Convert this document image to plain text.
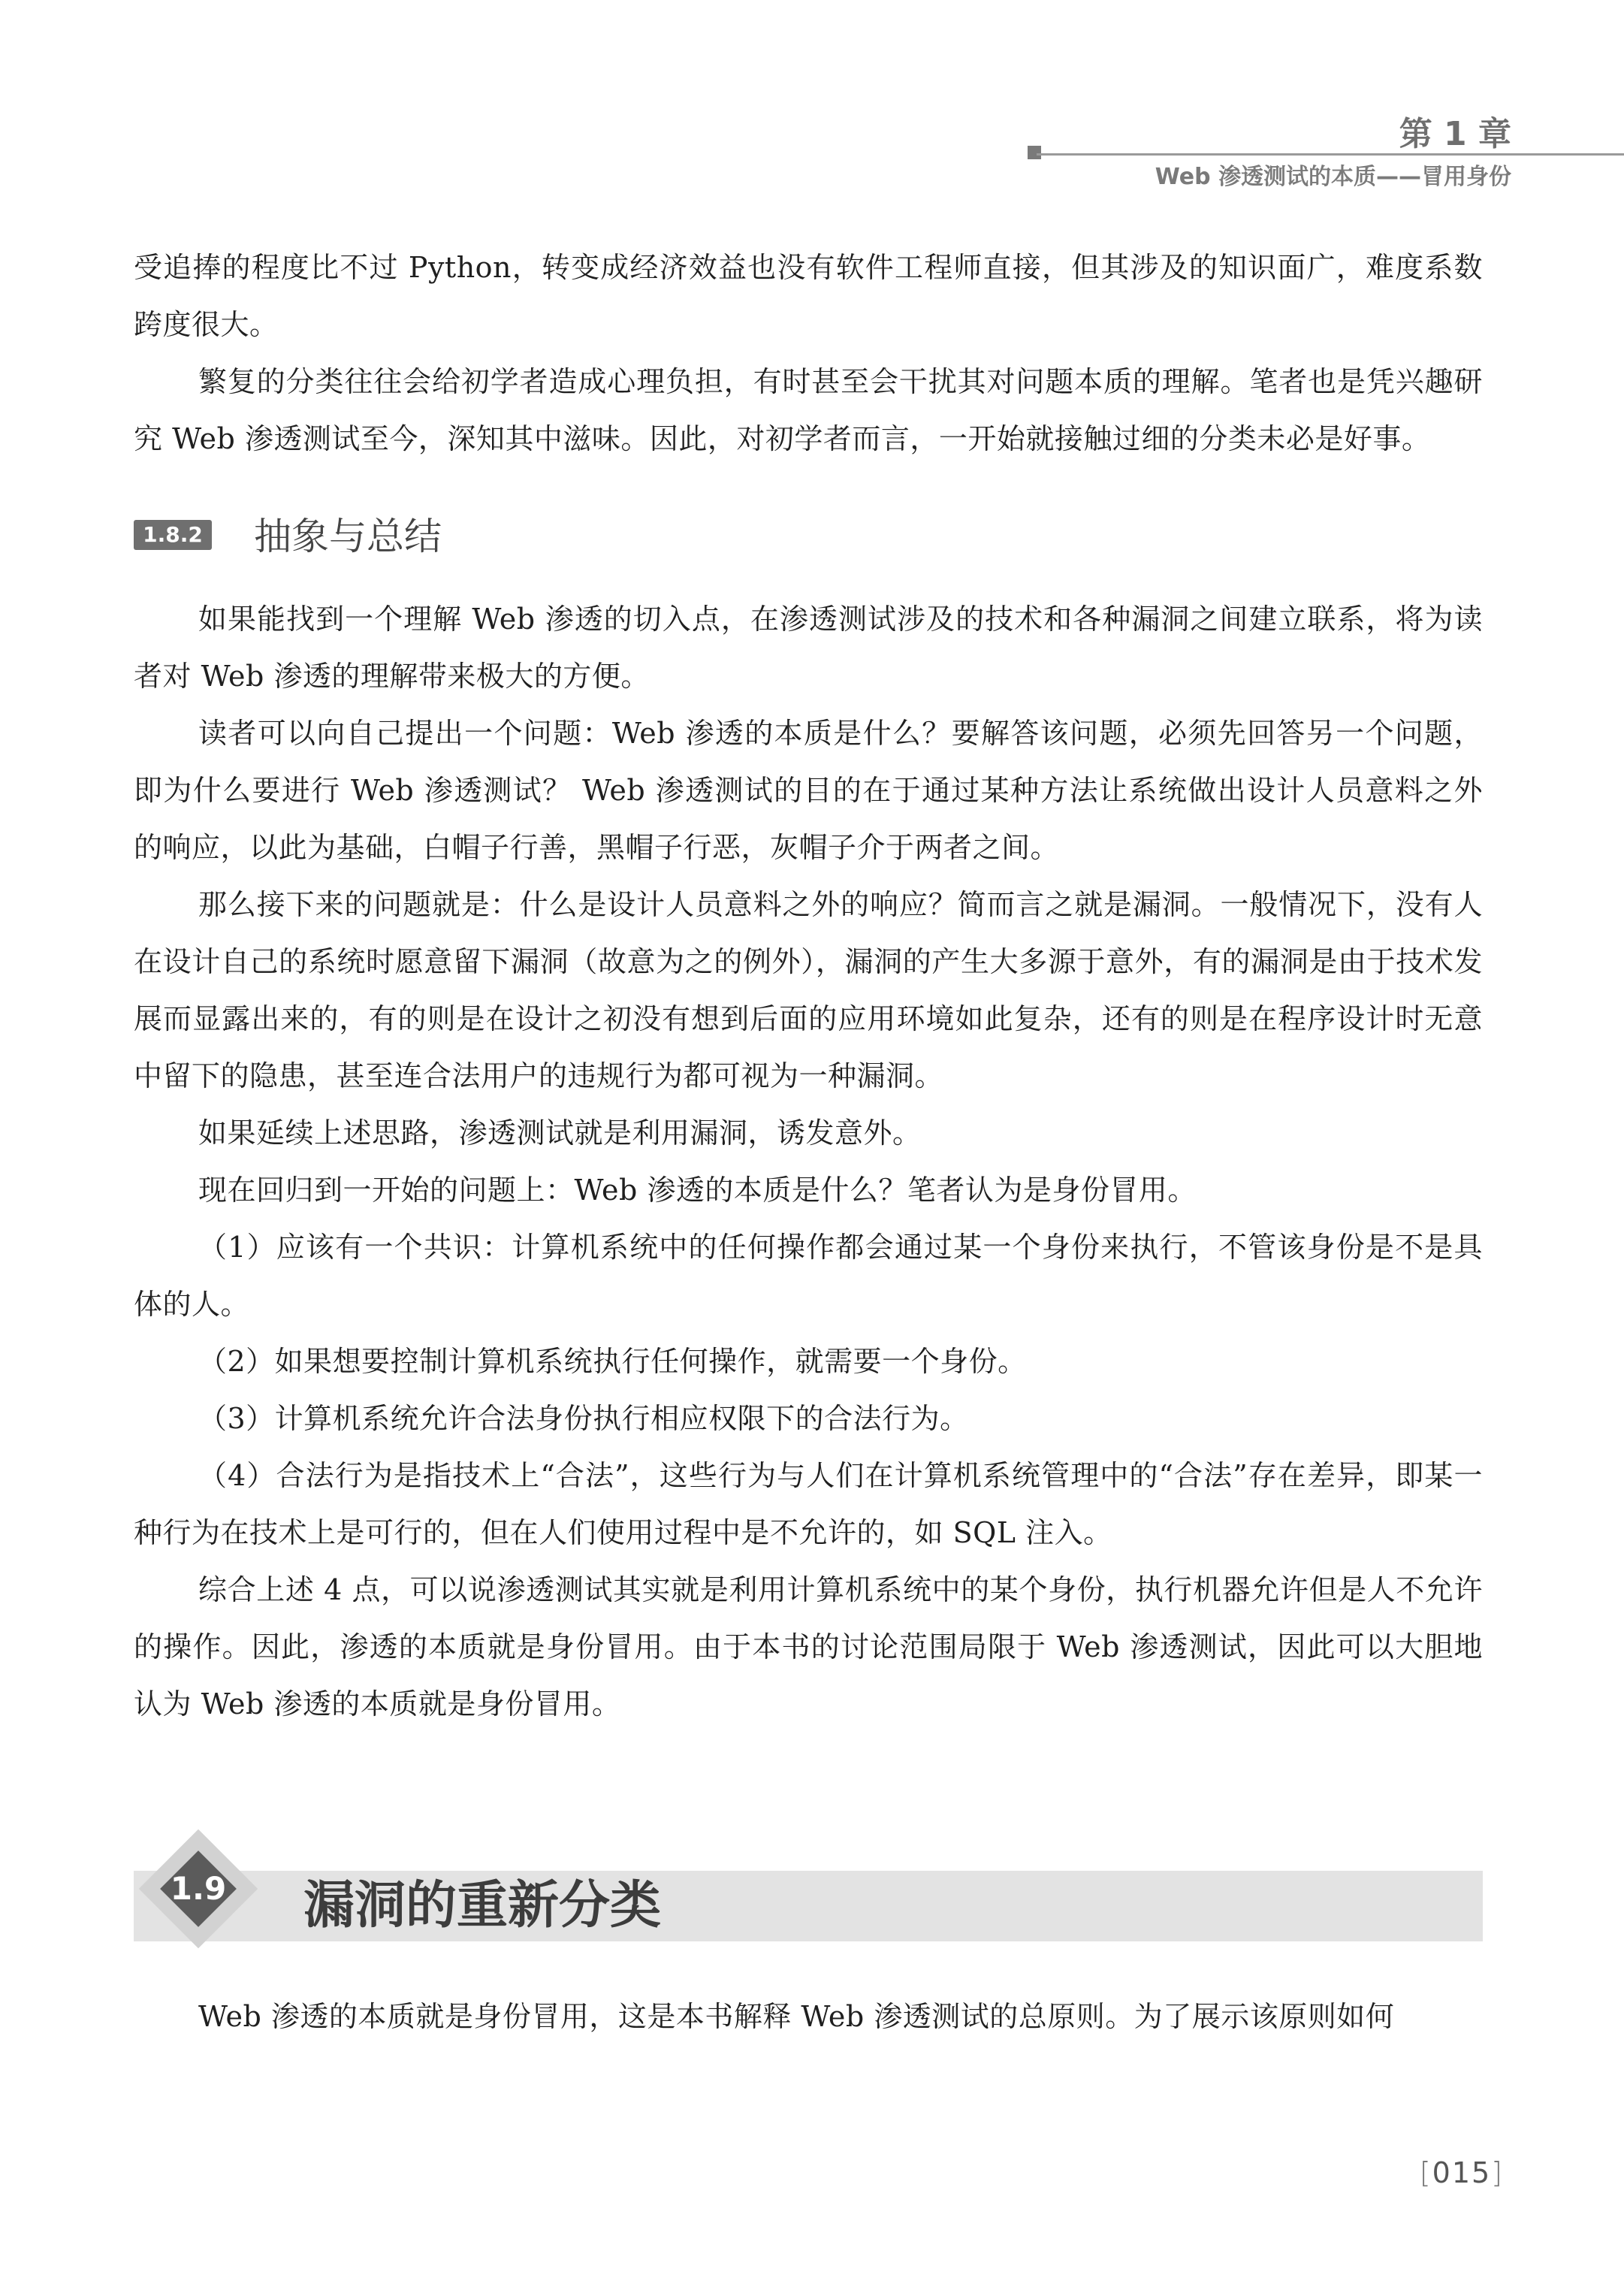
第 1 章
Web 渗透测试的本质——冒用身份

受追捧的程度比不过 Python，转变成经济效益也没有软件工程师直接，但其涉及的知识面广，难度系数跨度很大。

繁复的分类往往会给初学者造成心理负担，有时甚至会干扰其对问题本质的理解。笔者也是凭兴趣研究 Web 渗透测试至今，深知其中滋味。因此，对初学者而言，一开始就接触过细的分类未必是好事。

1.8.2 抽象与总结

如果能找到一个理解 Web 渗透的切入点，在渗透测试涉及的技术和各种漏洞之间建立联系，将为读者对 Web 渗透的理解带来极大的方便。

读者可以向自己提出一个问题：Web 渗透的本质是什么？要解答该问题，必须先回答另一个问题，即为什么要进行 Web 渗透测试？ Web 渗透测试的目的在于通过某种方法让系统做出设计人员意料之外的响应，以此为基础，白帽子行善，黑帽子行恶，灰帽子介于两者之间。

那么接下来的问题就是：什么是设计人员意料之外的响应？简而言之就是漏洞。一般情况下，没有人在设计自己的系统时愿意留下漏洞（故意为之的例外），漏洞的产生大多源于意外，有的漏洞是由于技术发展而显露出来的，有的则是在设计之初没有想到后面的应用环境如此复杂，还有的则是在程序设计时无意中留下的隐患，甚至连合法用户的违规行为都可视为一种漏洞。

如果延续上述思路，渗透测试就是利用漏洞，诱发意外。

现在回归到一开始的问题上：Web 渗透的本质是什么？笔者认为是身份冒用。

（1）应该有一个共识：计算机系统中的任何操作都会通过某一个身份来执行，不管该身份是不是具体的人。

（2）如果想要控制计算机系统执行任何操作，就需要一个身份。

（3）计算机系统允许合法身份执行相应权限下的合法行为。

（4）合法行为是指技术上“合法”，这些行为与人们在计算机系统管理中的“合法”存在差异，即某一种行为在技术上是可行的，但在人们使用过程中是不允许的，如 SQL 注入。

综合上述 4 点，可以说渗透测试其实就是利用计算机系统中的某个身份，执行机器允许但是人不允许的操作。因此，渗透的本质就是身份冒用。由于本书的讨论范围局限于 Web 渗透测试，因此可以大胆地认为 Web 渗透的本质就是身份冒用。

1.9 漏洞的重新分类

Web 渗透的本质就是身份冒用，这是本书解释 Web 渗透测试的总原则。为了展示该原则如何

[015]
